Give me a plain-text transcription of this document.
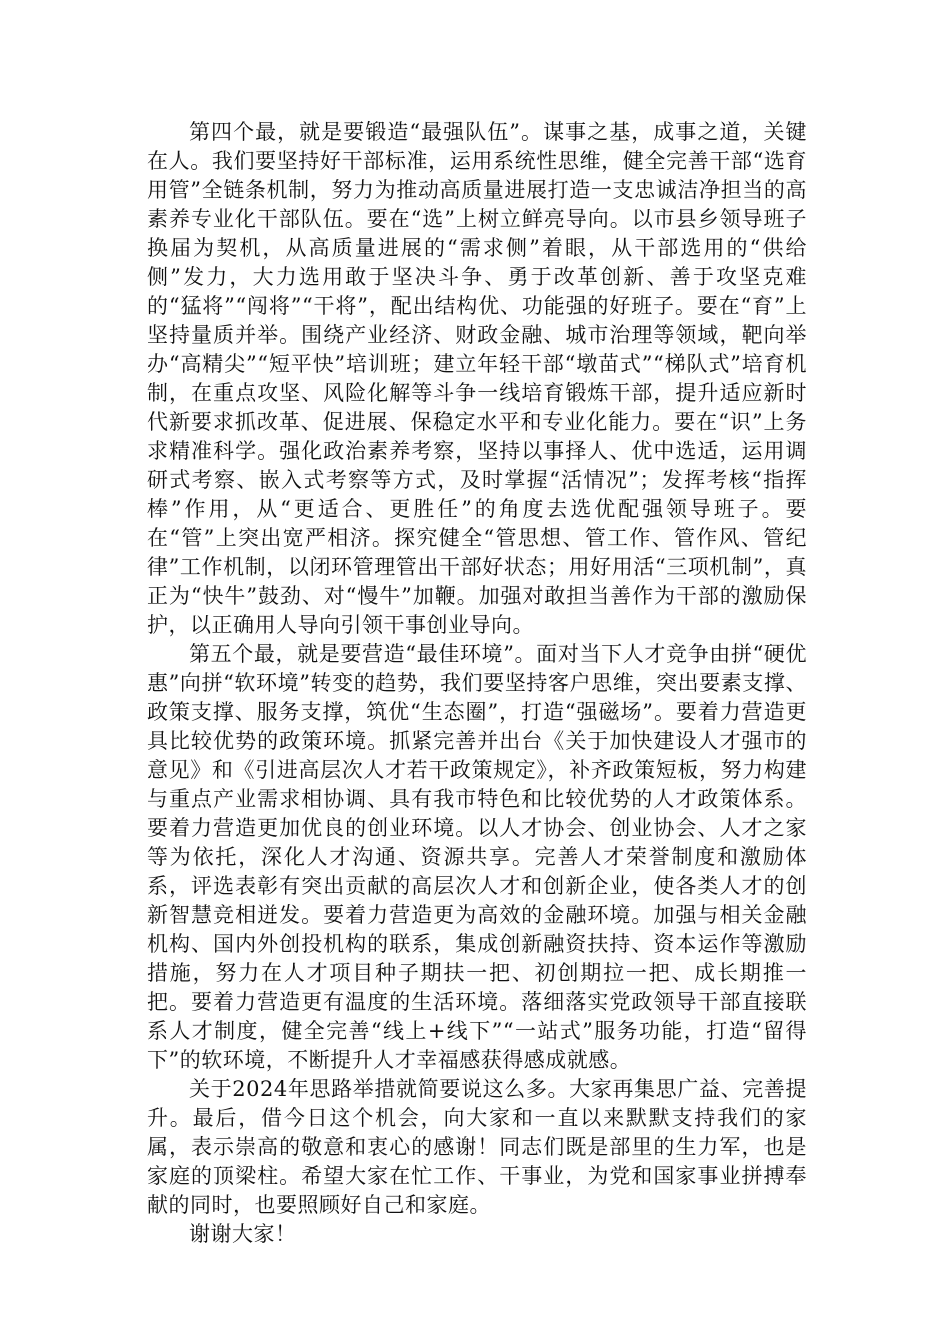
第四个最，就是要锻造“最强队伍”。谋事之基，成事之道，关键在人。我们要坚持好干部标准，运用系统性思维，健全完善干部“选育用管”全链条机制，努力为推动高质量进展打造一支忠诚洁净担当的高素养专业化干部队伍。要在“选”上树立鲜亮导向。以市县乡领导班子换届为契机，从高质量进展的“需求侧”着眼，从干部选用的“供给侧”发力，大力选用敢于坚决斗争、勇于改革创新、善于攻坚克难的“猛将”“闯将”“干将”，配出结构优、功能强的好班子。要在“育”上坚持量质并举。围绕产业经济、财政金融、城市治理等领域，靶向举办“高精尖”“短平快”培训班；建立年轻干部“墩苗式”“梯队式”培育机制，在重点攻坚、风险化解等斗争一线培育锻炼干部，提升适应新时代新要求抓改革、促进展、保稳定水平和专业化能力。要在“识”上务求精准科学。强化政治素养考察，坚持以事择人、优中选适，运用调研式考察、嵌入式考察等方式，及时掌握“活情况”；发挥考核“指挥棒”作用，从“更适合、更胜任”的角度去选优配强领导班子。要在“管”上突出宽严相济。探究健全“管思想、管工作、管作风、管纪律”工作机制，以闭环管理管出干部好状态；用好用活“三项机制”，真正为“快牛”鼓劲、对“慢牛”加鞭。加强对敢担当善作为干部的激励保护，以正确用人导向引领干事创业导向。

第五个最，就是要营造“最佳环境”。面对当下人才竞争由拼“硬优惠”向拼“软环境”转变的趋势，我们要坚持客户思维，突出要素支撑、政策支撑、服务支撑，筑优“生态圈”，打造“强磁场”。要着力营造更具比较优势的政策环境。抓紧完善并出台《关于加快建设人才强市的意见》和《引进高层次人才若干政策规定》，补齐政策短板，努力构建与重点产业需求相协调、具有我市特色和比较优势的人才政策体系。要着力营造更加优良的创业环境。以人才协会、创业协会、人才之家等为依托，深化人才沟通、资源共享。完善人才荣誉制度和激励体系，评选表彰有突出贡献的高层次人才和创新企业，使各类人才的创新智慧竞相迸发。要着力营造更为高效的金融环境。加强与相关金融机构、国内外创投机构的联系，集成创新融资扶持、资本运作等激励措施，努力在人才项目种子期扶一把、初创期拉一把、成长期推一把。要着力营造更有温度的生活环境。落细落实党政领导干部直接联系人才制度，健全完善“线上+线下”“一站式”服务功能，打造“留得下”的软环境，不断提升人才幸福感获得感成就感。

关于2024年思路举措就简要说这么多。大家再集思广益、完善提升。最后，借今日这个机会，向大家和一直以来默默支持我们的家属，表示崇高的敬意和衷心的感谢！同志们既是部里的生力军，也是家庭的顶梁柱。希望大家在忙工作、干事业，为党和国家事业拼搏奉献的同时，也要照顾好自己和家庭。

谢谢大家！
